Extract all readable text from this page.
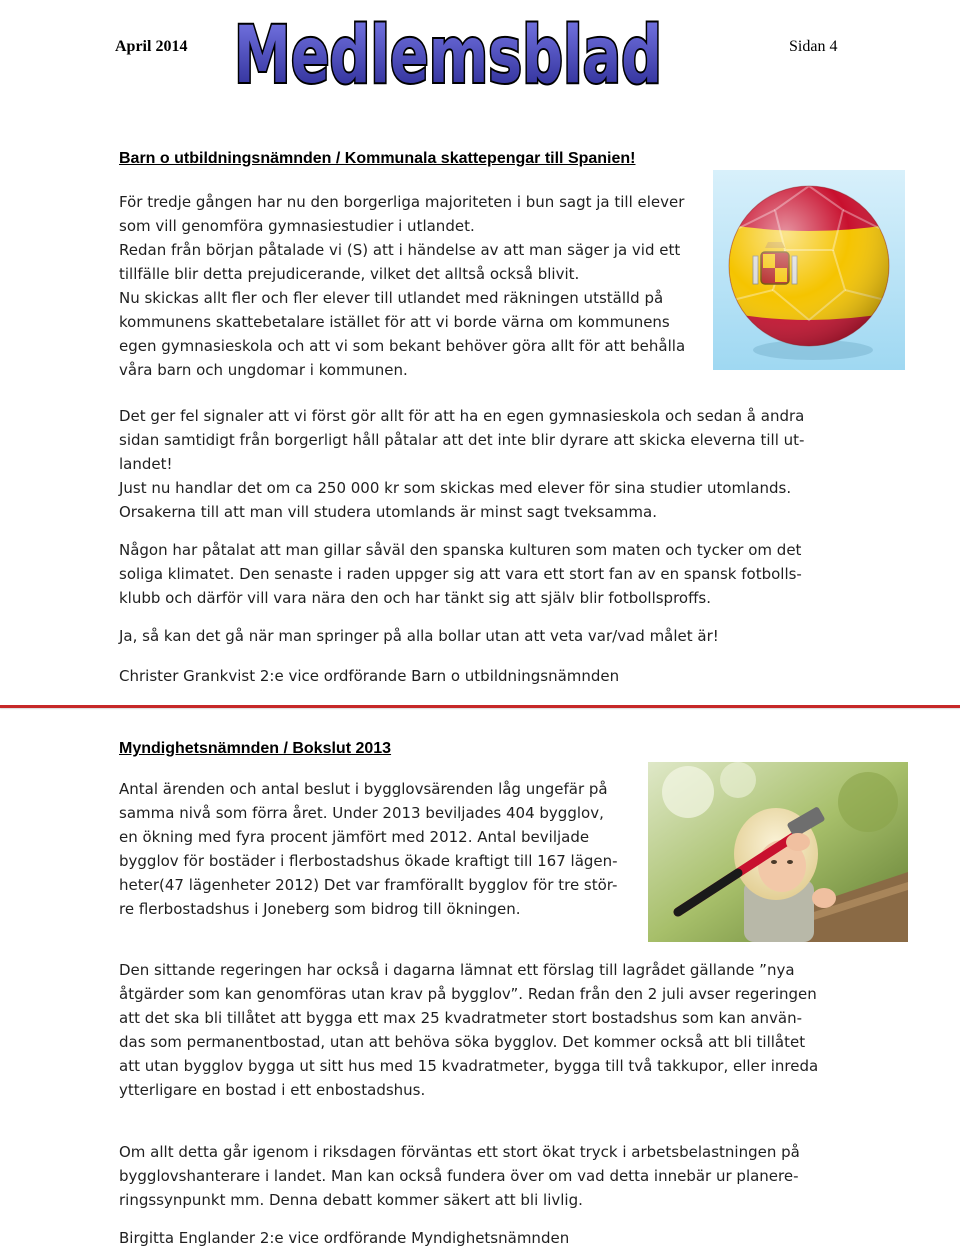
April 2014 Medlemsblad	Sidan 4
Barn o utbildningsnämnden / Kommunala skattepengar till Spanien!
För tredje gången har nu den borgerliga majoriteten i bun sagt ja till elever
som vill genomföra gymnasiestudier i utlandet.
Redan från början påtalade vi (S) att i händelse av att man säger ja vid ett
tillfälle blir detta prejudicerande, vilket det alltså också blivit.
Nu skickas allt fler och fler elever till utlandet med räkningen utställd på
kommunens skattebetalare istället för att vi borde värna om kommunens
egen gymnasieskola och att vi som bekant behöver göra allt för att behålla
våra barn och ungdomar i kommunen.
Det ger fel signaler att vi först gör allt för att ha en egen gymnasieskola och sedan å andra
sidan samtidigt från borgerligt håll påtalar att det inte blir dyrare att skicka eleverna till ut-
landet!
Just nu handlar det om ca 250 000 kr som skickas med elever för sina studier utomlands.
Orsakerna till att man vill studera utomlands är minst sagt tveksamma.
Någon har påtalat att man gillar såväl den spanska kulturen som maten och tycker om det
soliga klimatet. Den senaste i raden uppger sig att vara ett stort fan av en spansk fotbolls-
klubb och därför vill vara nära den och har tänkt sig att själv blir fotbollsproffs.
Ja, så kan det gå när man springer på alla bollar utan att veta var/vad målet är!
Christer Grankvist 2:e vice ordförande Barn o utbildningsnämnden
Myndighetsnämnden / Bokslut 2013
Antal ärenden och antal beslut i bygglovsärenden låg ungefär på
samma nivå som förra året. Under 2013 beviljades 404 bygglov,
en ökning med fyra procent jämfört med 2012. Antal beviljade
bygglov för bostäder i flerbostadshus ökade kraftigt till 167 lägen-
heter(47 lägenheter 2012) Det var framförallt bygglov för tre stör-
re flerbostadshus i Joneberg som bidrog till ökningen.
Den sittande regeringen har också i dagarna lämnat ett förslag till lagrådet gällande ”nya
åtgärder som kan genomföras utan krav på bygglov”. Redan från den 2 juli avser regeringen
att det ska bli tillåtet att bygga ett max 25 kvadratmeter stort bostadshus som kan använ-
das som permanentbostad, utan att behöva söka bygglov. Det kommer också att bli tillåtet
att utan bygglov bygga ut sitt hus med 15 kvadratmeter, bygga till två takkupor, eller inreda
ytterligare en bostad i ett enbostadshus.
Om allt detta går igenom i riksdagen förväntas ett stort ökat tryck i arbetsbelastningen på
bygglovshanterare i landet. Man kan också fundera över om vad detta innebär ur planere-
ringssynpunkt mm. Denna debatt kommer säkert att bli livlig.
Birgitta Englander 2:e vice ordförande Myndighetsnämnden
